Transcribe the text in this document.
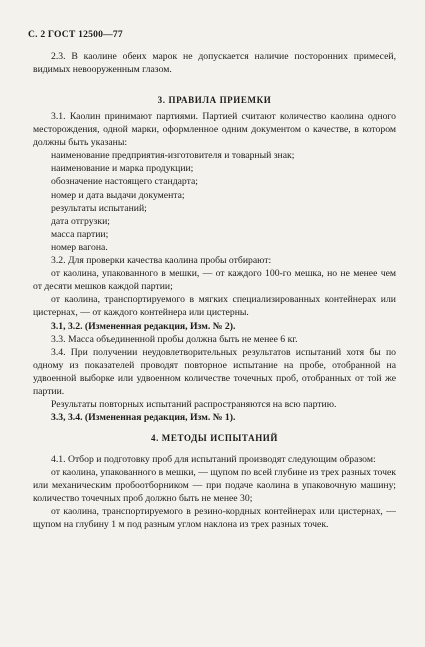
С. 2 ГОСТ 12500—77

2.3. В каолине обеих марок не допускается наличие посторонних примесей, видимых невооруженным глазом.

3. ПРАВИЛА ПРИЕМКИ

3.1. Каолин принимают партиями. Партией считают количество каолина одного месторождения, одной марки, оформленное одним документом о качестве, в котором должны быть указаны:

наименование предприятия-изготовителя и товарный знак;

наименование и марка продукции;

обозначение настоящего стандарта;

номер и дата выдачи документа;

результаты испытаний;

дата отгрузки;

масса партии;

номер вагона.

3.2. Для проверки качества каолина пробы отбирают:

от каолина, упакованного в мешки, — от каждого 100-го мешка, но не менее чем от десяти мешков каждой партии;

от каолина, транспортируемого в мягких специализированных контейнерах или цистернах, — от каждого контейнера или цистерны.

3.1, 3.2. (Измененная редакция, Изм. № 2).

3.3. Масса объединенной пробы должна быть не менее 6 кг.

3.4. При получении неудовлетворительных результатов испытаний хотя бы по одному из показателей проводят повторное испытание на пробе, отобранной на удвоенной выборке или удвоенном количестве точечных проб, отобранных от той же партии.

Результаты повторных испытаний распространяются на всю партию.

3.3, 3.4. (Измененная редакция, Изм. № 1).

4. МЕТОДЫ ИСПЫТАНИЙ

4.1. Отбор и подготовку проб для испытаний производят следующим образом:

от каолина, упакованного в мешки, — щупом по всей глубине из трех разных точек или механическим пробоотборником — при подаче каолина в упаковочную машину; количество точечных проб должно быть не менее 30;

от каолина, транспортируемого в резино-кордных контейнерах или цистернах, — щупом на глубину 1 м под разным углом наклона из трех разных точек.
